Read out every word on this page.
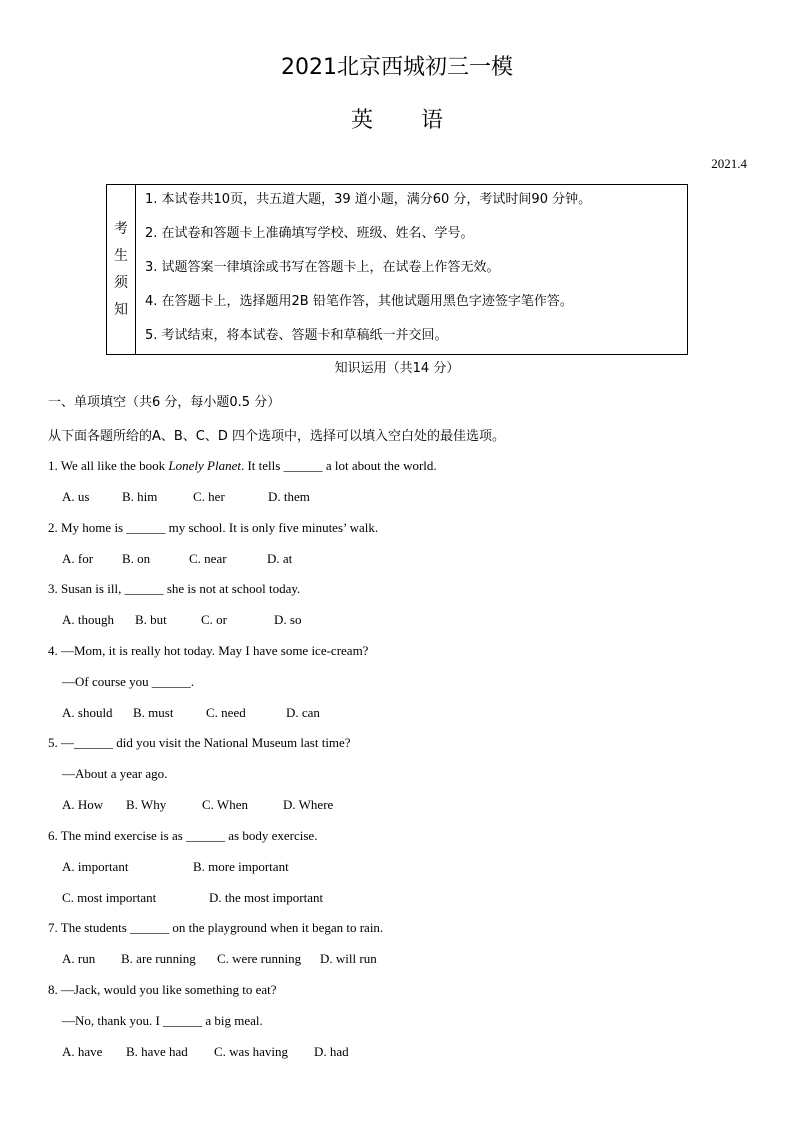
2021北京西城初三一模
英语
2021.4
考
生
须
知
1. 本试卷共10页，共五道大题，39 道小题，满分60 分，考试时间90 分钟。
2. 在试卷和答题卡上准确填写学校、班级、姓名、学号。
3. 试题答案一律填涂或书写在答题卡上，在试卷上作答无效。
4. 在答题卡上，选择题用2B 铅笔作答，其他试题用黑色字迹签字笔作答。
5. 考试结束，将本试卷、答题卡和草稿纸一并交回。
知识运用（共14 分）
一、单项填空（共6 分，每小题0.5 分）
从下面各题所给的A、B、C、D 四个选项中，选择可以填入空白处的最佳选项。
1. We all like the book Lonely Planet. It tells ______ a lot about the world.
A. us	B. him	C. her	D. them
2. My home is ______ my school. It is only five minutes’ walk.
A. for B. on	C. near	D. at
3. Susan is ill, ______ she is not at school today.
A. though B. but	C. or	D. so
4. —Mom, it is really hot today. May I have some ice-cream?
—Of course you ______.
A. should B. must	C. need	D. can
5. —______ did you visit the National Museum last time?
—About a year ago.
A. How B. Why	C. When	D. Where
6. The mind exercise is as ______ as body exercise.
A. important	B. more important
C. most important	D. the most important
7. The students ______ on the playground when it began to rain.
A. run B. are running C. were running D. will run
8. —Jack, would you like something to eat?
—No, thank you. I ______ a big meal.
A. have B. have had C. was having D. had
